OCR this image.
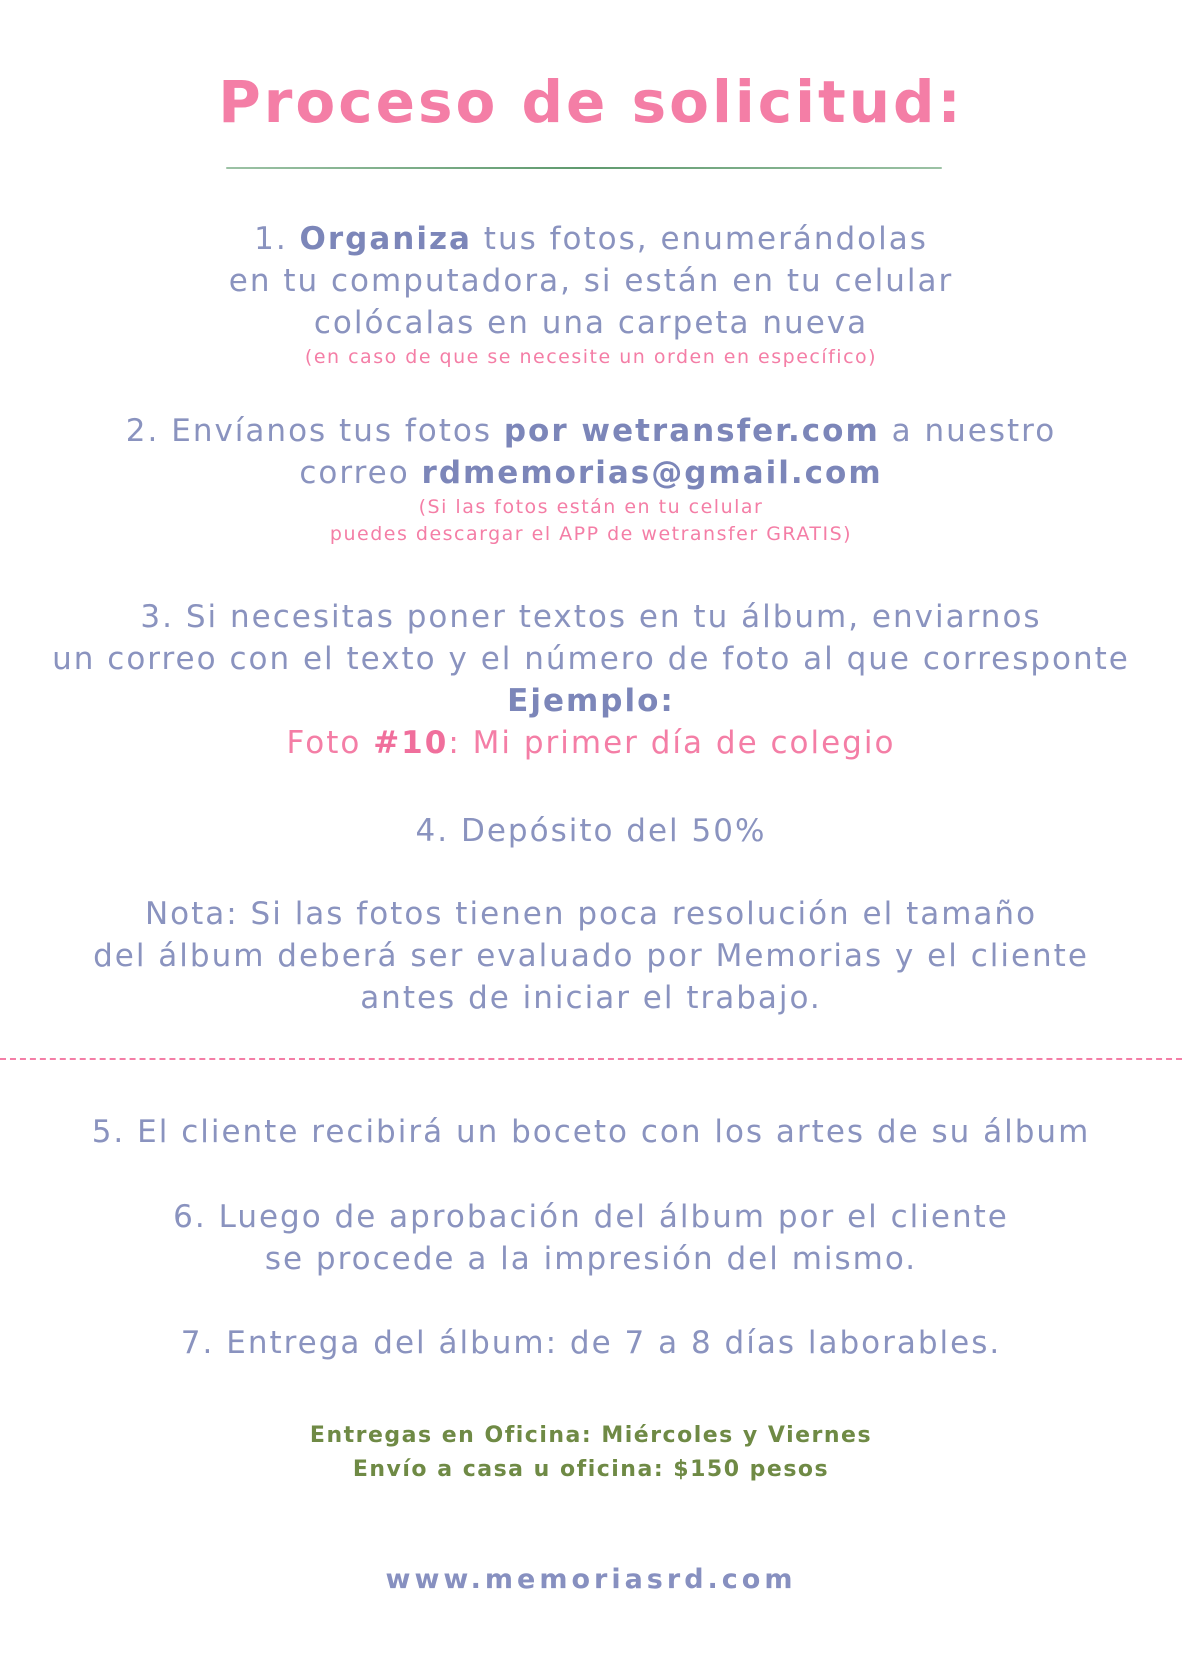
Proceso de solicitud:
1. Organiza tus fotos, enumerándolas
en tu computadora, si están en tu celular
colócalas en una carpeta nueva
(en caso de que se necesite un orden en específico)
2. Envíanos tus fotos por wetransfer.com a nuestro
correo rdmemorias@gmail.com
(Si las fotos están en tu celular
puedes descargar el APP de wetransfer GRATIS)
3. Si necesitas poner textos en tu álbum, enviarnos
un correo con el texto y el número de foto al que corresponte
Ejemplo:
Foto #10: Mi primer día de colegio
4. Depósito del 50%
Nota: Si las fotos tienen poca resolución el tamaño
del álbum deberá ser evaluado por Memorias y el cliente
antes de iniciar el trabajo.
5. El cliente recibirá un boceto con los artes de su álbum
6. Luego de aprobación del álbum por el cliente
se procede a la impresión del mismo.
7. Entrega del álbum: de 7 a 8 días laborables.
Entregas en Oficina: Miércoles y Viernes
Envío a casa u oficina: $150 pesos
www.memoriasrd.com
